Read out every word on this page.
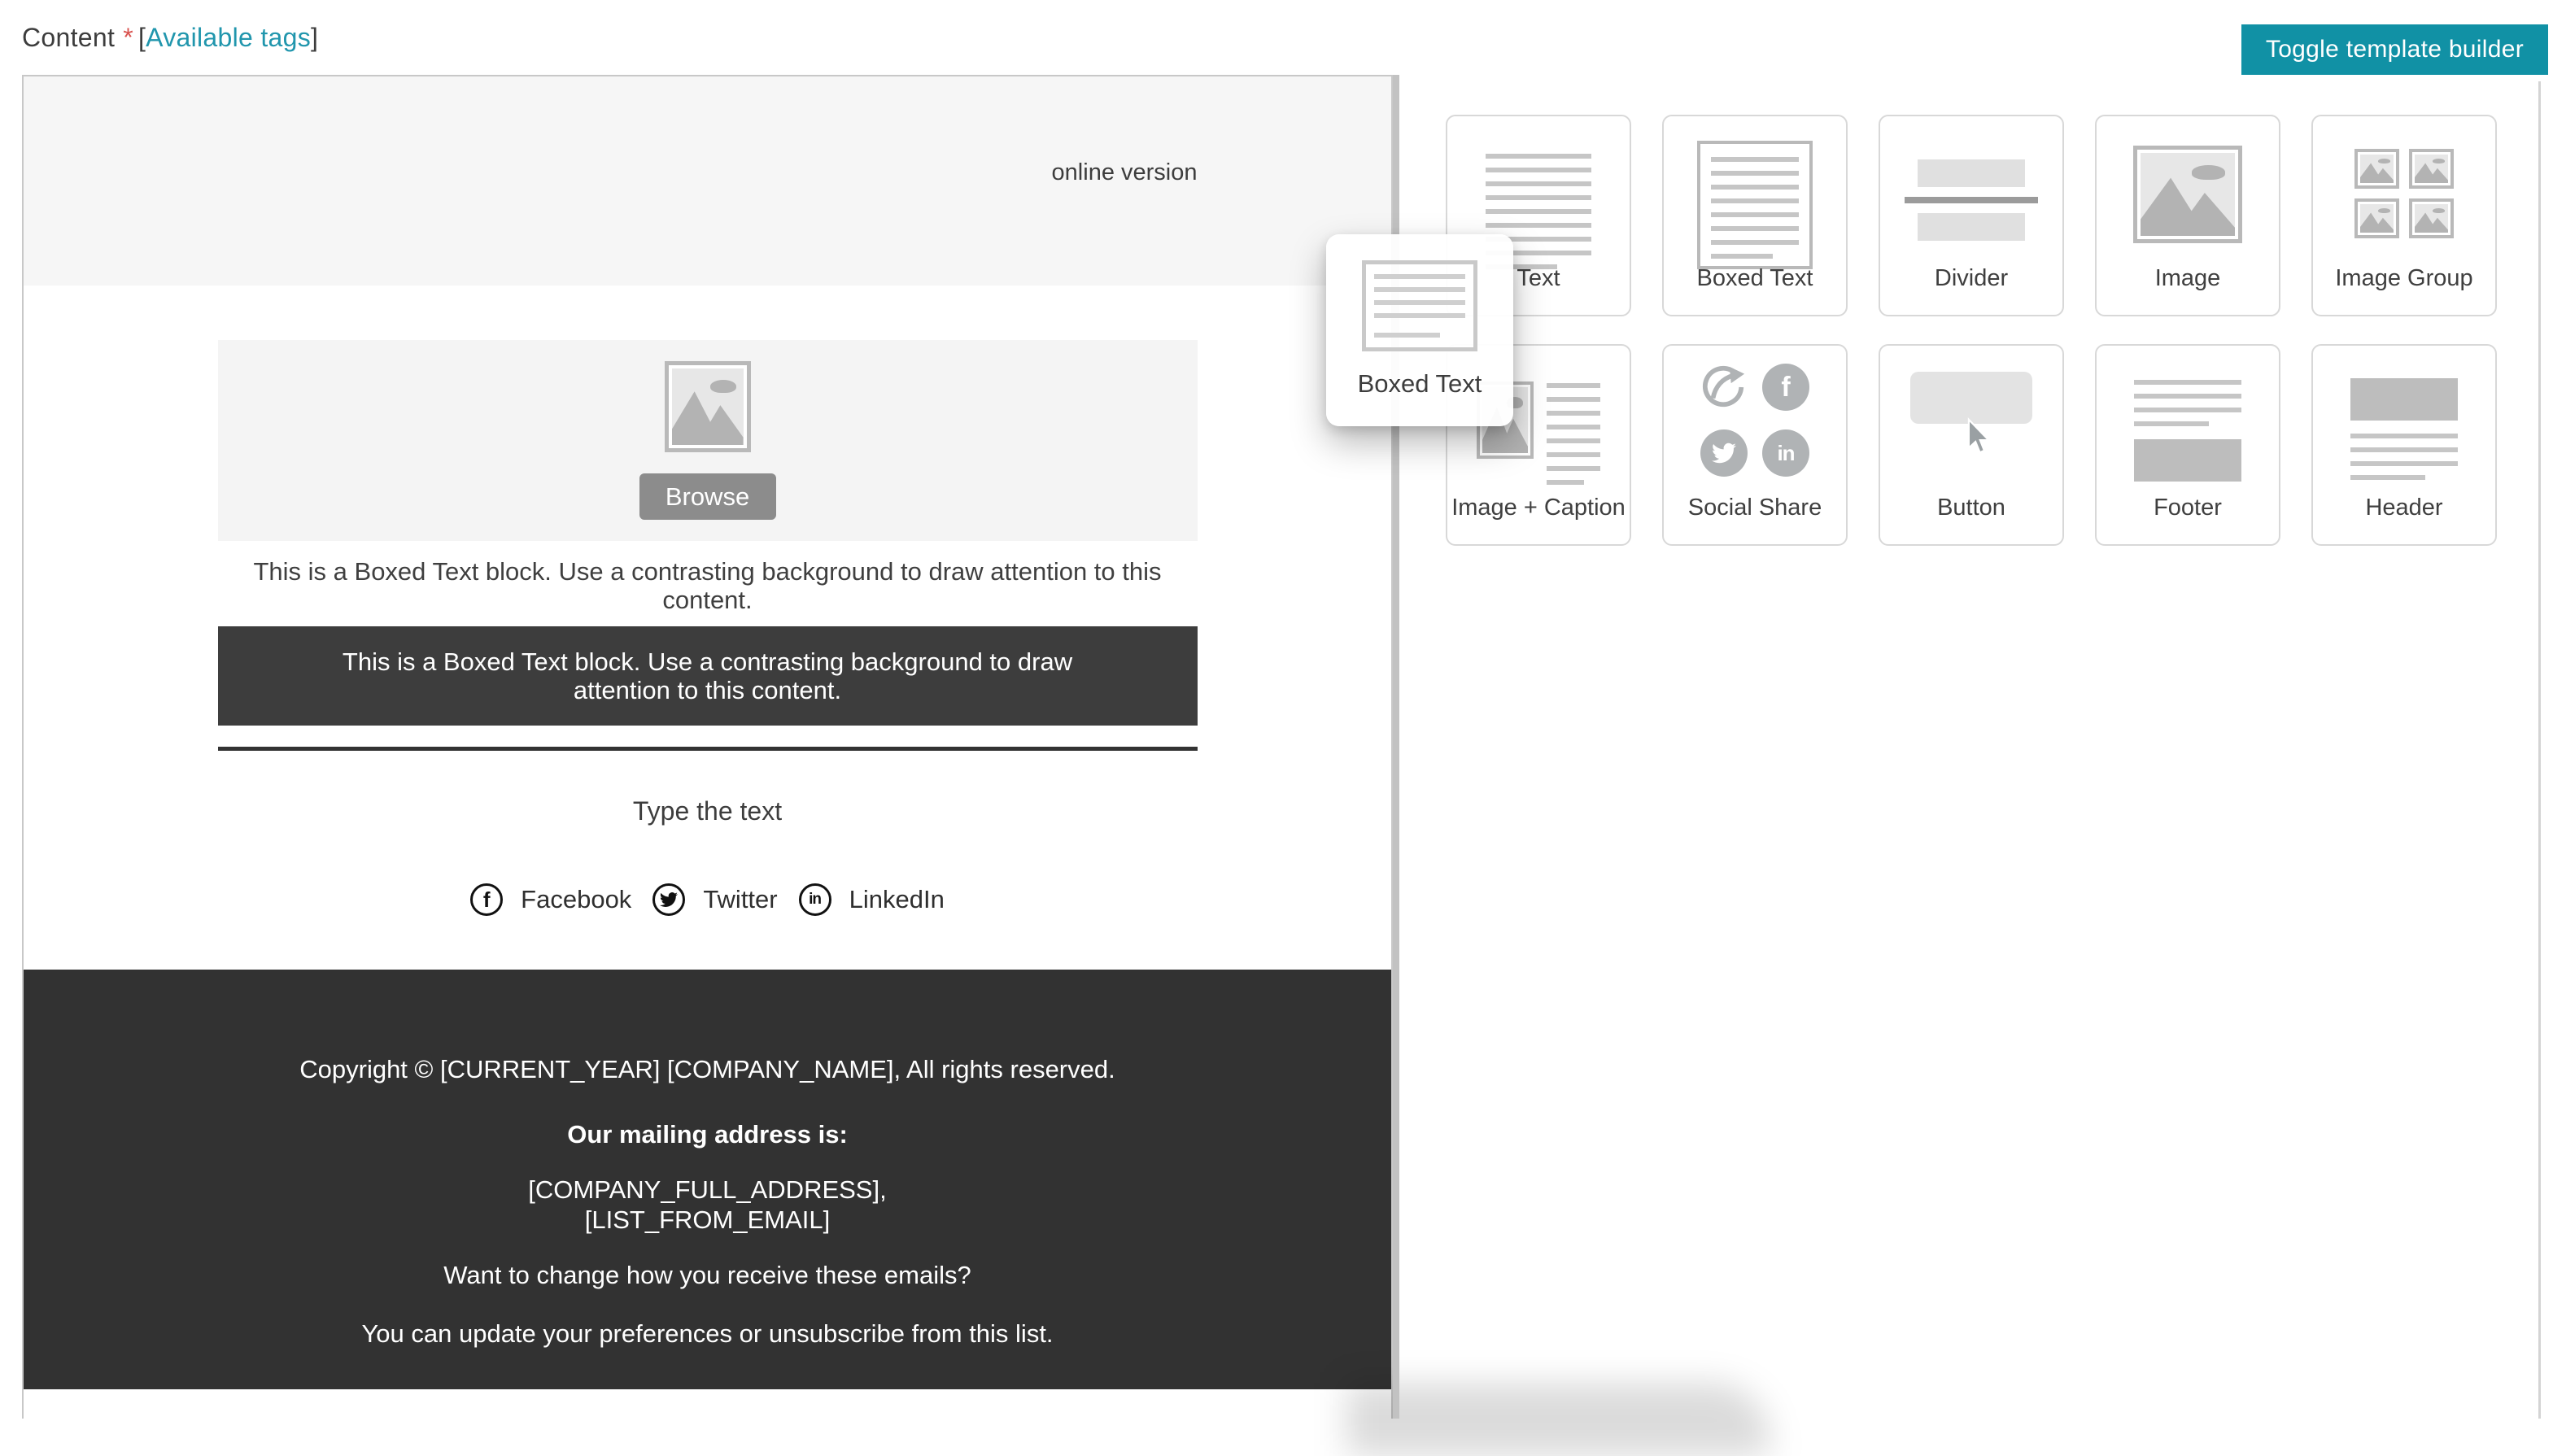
Content * [Available tags]	Toggle template builder
online version
Browse
This is a Boxed Text block. Use a contrasting background to draw attention to this content.
This is a Boxed Text block. Use a contrasting background to draw attention to this content.
Type the text
f Facebook	Twitter in LinkedIn
Copyright © [CURRENT_YEAR] [COMPANY_NAME], All rights reserved.
Our mailing address is:
[COMPANY_FULL_ADDRESS],
[LIST_FROM_EMAIL]
Want to change how you receive these emails?
You can update your preferences or unsubscribe from this list.
Text	Boxed Text	Divider	Image	Image Group
Image + Caption
f
in
Social Share	Button	Footer	Header
Boxed Text
